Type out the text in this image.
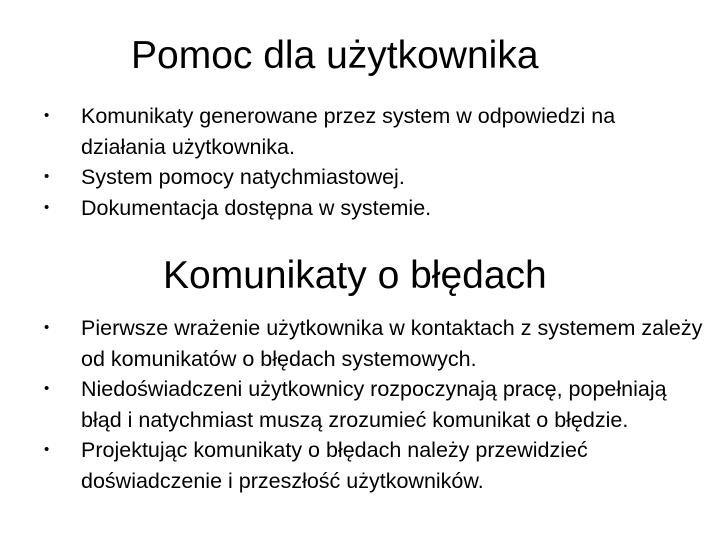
Pomoc dla użytkownika
• Komunikaty generowane przez system w odpowiedzi na działania użytkownika.
• System pomocy natychmiastowej.
• Dokumentacja dostępna w systemie.
Komunikaty o błędach
• Pierwsze wrażenie użytkownika w kontaktach z systemem zależy od komunikatów o błędach systemowych.
• Niedoświadczeni użytkownicy rozpoczynają pracę, popełniają błąd i natychmiast muszą zrozumieć komunikat o błędzie.
• Projektując komunikaty o błędach należy przewidzieć doświadczenie i przeszłość użytkowników.
